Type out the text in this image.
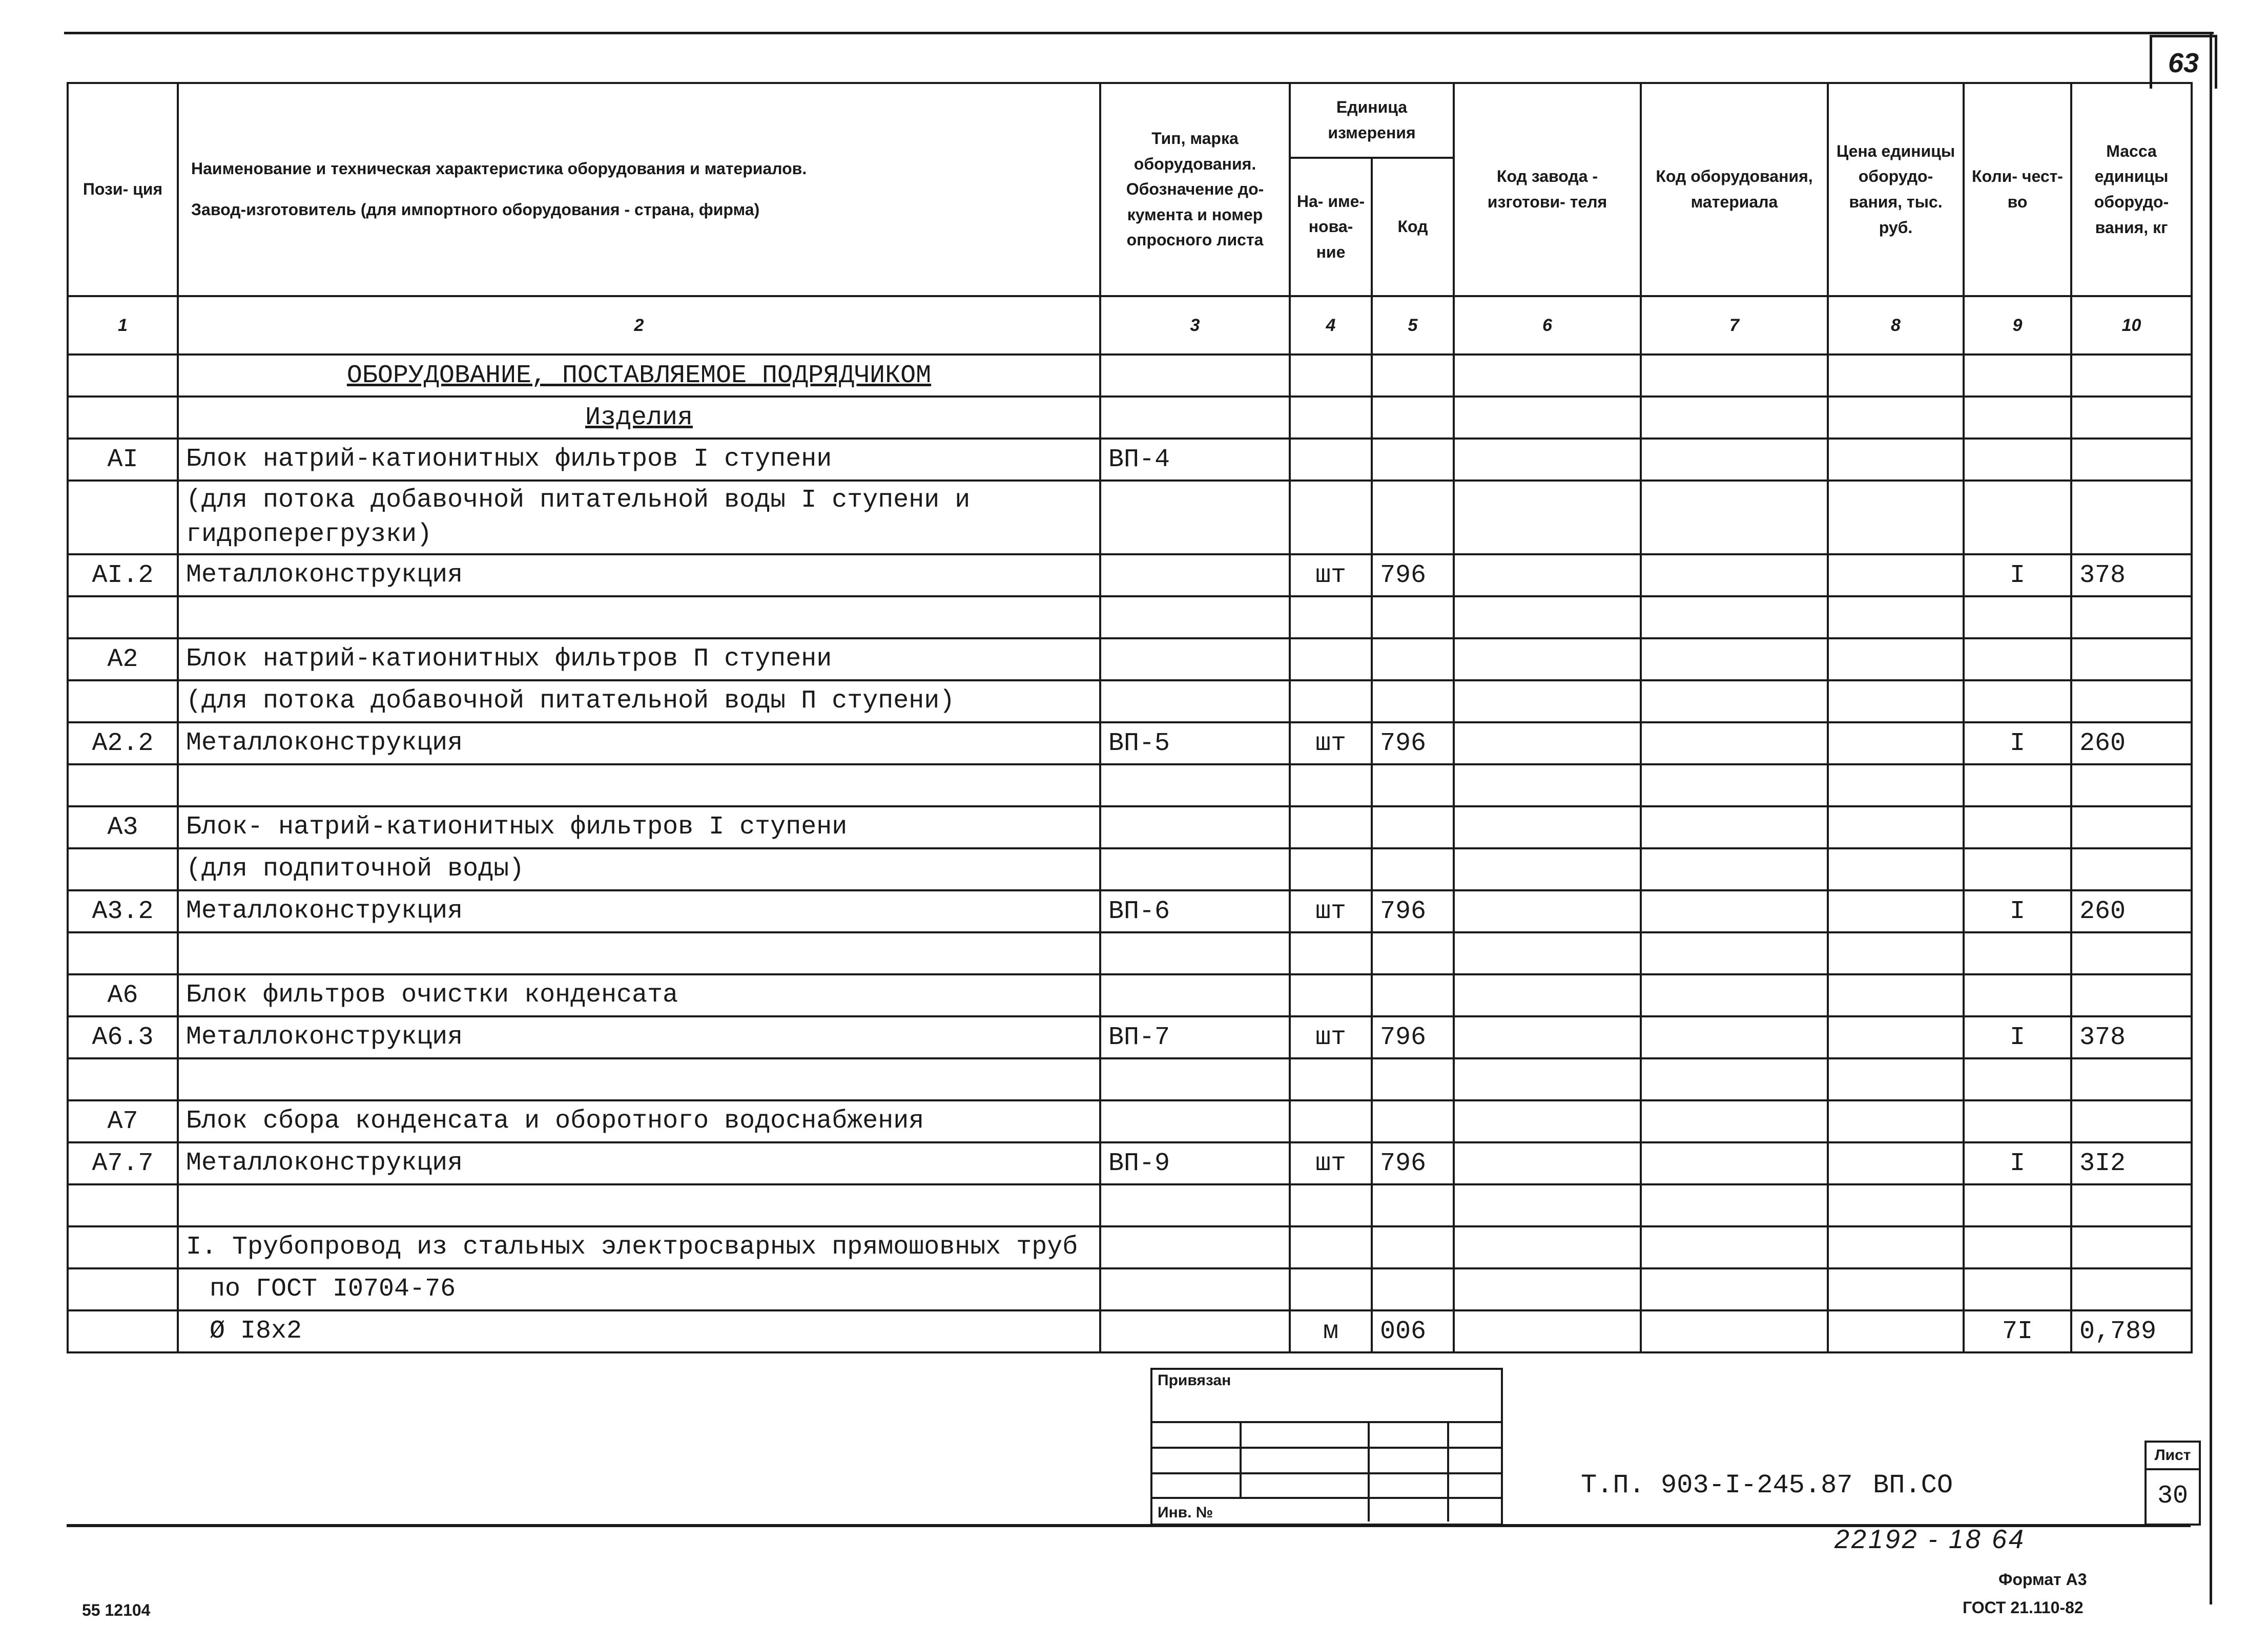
63
Пози- ция	Наименование и техническая характеристика оборудования и материалов.
Завод-изготовитель (для импортного оборудования - страна, фирма)	Тип, марка оборудования. Обозначение до- кумента и номер опросного листа	Единица измерения		Код завода - изготови- теля	Код оборудования, материала	Цена единицы оборудо- вания, тыс. руб.	Коли- чест- во	Масса единицы оборудо- вания, кг
			На- име- нова- ние	Код					
1	2	3	4	5	6	7	8	9	10
	ОБОРУДОВАНИЕ, ПОСТАВЛЯЕМОЕ ПОДРЯДЧИКОМ								
	Изделия								
АI	Блок натрий-катионитных фильтров I ступени	ВП-4							
	(для потока добавочной питательной воды I ступени и гидроперегрузки)								
АI.2	Металлоконструкция		шт	796				I	378

А2	Блок натрий-катионитных фильтров П ступени								
	(для потока добавочной питательной воды П ступени)								
А2.2	Металлоконструкция	ВП-5	шт	796				I	260

А3	Блок- натрий-катионитных фильтров I ступени								
	(для подпиточной воды)								
А3.2	Металлоконструкция	ВП-6	шт	796				I	260

А6	Блок фильтров очистки конденсата								
А6.3	Металлоконструкция	ВП-7	шт	796				I	378

А7	Блок сбора конденсата и оборотного водоснабжения								
А7.7	Металлоконструкция	ВП-9	шт	796				I	3I2

	I. Трубопровод из стальных электросварных прямошовных труб								
	по ГОСТ I0704-76								
	Ø I8x2		м	006				7I	0,789
Привязан
Инв. №
Т.П. 903-I-245.87 ВП.СО
Лист
30
22192 - 18 64
Формат А3
ГОСТ 21.110-82
55 12104
